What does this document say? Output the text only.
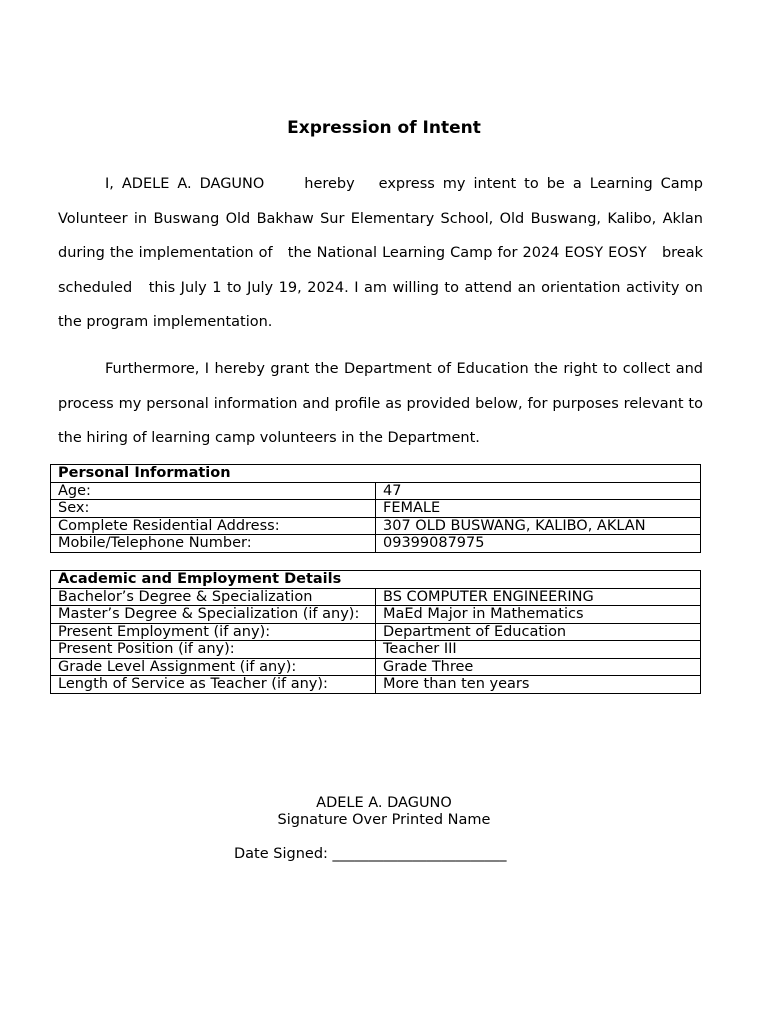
Expression of Intent

I, ADELE A. DAGUNO     hereby   express my intent to be a Learning Camp Volunteer in Buswang Old Bakhaw Sur Elementary School, Old Buswang, Kalibo, Aklan during the implementation of   the National Learning Camp for 2024 EOSY EOSY   break   scheduled   this July 1 to July 19, 2024. I am willing to attend an orientation activity on the program implementation.

Furthermore, I hereby grant the Department of Education the right to collect and process my personal information and profile as provided below, for purposes relevant to the hiring of learning camp volunteers in the Department.

Personal Information	
Age:	47
Sex:	FEMALE
Complete Residential Address:	307 OLD BUSWANG, KALIBO, AKLAN
Mobile/Telephone Number:	09399087975
Academic and Employment Details	
Bachelor’s Degree & Specialization	BS COMPUTER ENGINEERING
Master’s Degree & Specialization (if any):	MaEd Major in Mathematics
Present Employment (if any):	Department of Education
Present Position (if any):	Teacher III
Grade Level Assignment (if any):	Grade Three
Length of Service as Teacher (if any):	More than ten years
ADELE A. DAGUNO
Signature Over Printed Name
Date Signed: ________________________
